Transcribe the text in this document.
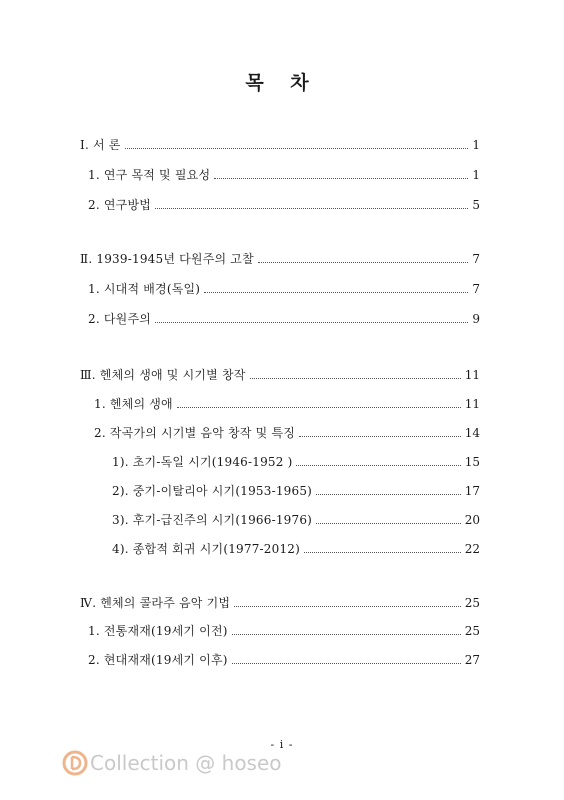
목 차
Ⅰ. 서 론	1
1. 연구 목적 및 필요성	1
2. 연구방법	5
Ⅱ. 1939-1945년 다원주의 고찰	7
1. 시대적 배경(독일)	7
2. 다원주의	9
Ⅲ. 헨체의 생애 및 시기별 창작	11
1. 헨체의 생애	11
2. 작곡가의 시기별 음악 창작 및 특징	14
1). 초기-독일 시기(1946-1952 )	15
2). 중기-이탈리아 시기(1953-1965)	17
3). 후기-급진주의 시기(1966-1976)	20
4). 종합적 회귀 시기(1977-2012)	22
Ⅳ. 헨체의 콜라주 음악 기법	25
1. 전통재재(19세기 이전)	25
2. 현대재재(19세기 이후)	27
- i -
Collection @ hoseo
